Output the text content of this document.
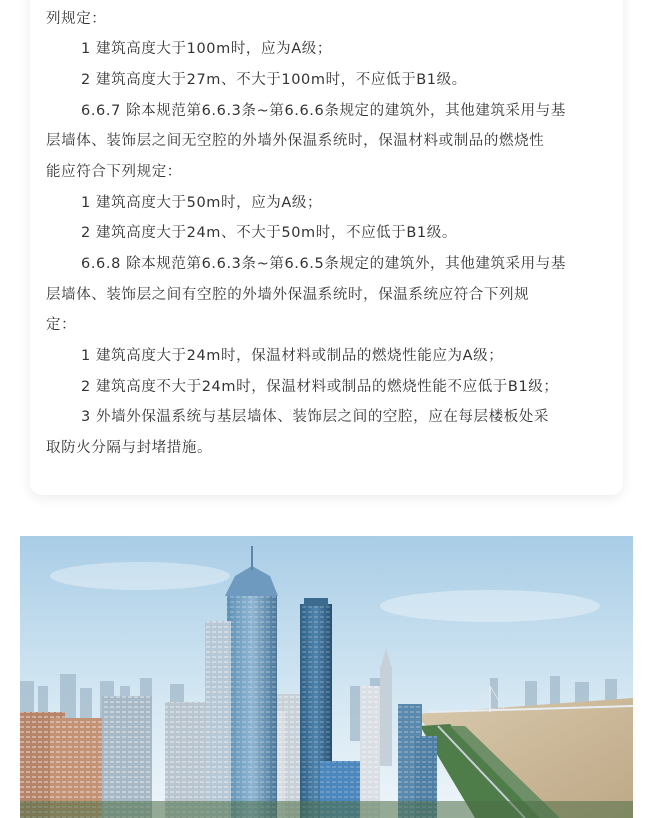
列规定：
1 建筑高度大于100m时，应为A级；
2 建筑高度大于27m、不大于100m时，不应低于B1级。
6.6.7 除本规范第6.6.3条~第6.6.6条规定的建筑外，其他建筑采用与基
层墙体、装饰层之间无空腔的外墙外保温系统时，保温材料或制品的燃烧性
能应符合下列规定：
1 建筑高度大于50m时，应为A级；
2 建筑高度大于24m、不大于50m时，不应低于B1级。
6.6.8 除本规范第6.6.3条~第6.6.5条规定的建筑外，其他建筑采用与基
层墙体、装饰层之间有空腔的外墙外保温系统时，保温系统应符合下列规
定：
1 建筑高度大于24m时，保温材料或制品的燃烧性能应为A级；
2 建筑高度不大于24m时，保温材料或制品的燃烧性能不应低于B1级；
3 外墙外保温系统与基层墙体、装饰层之间的空腔，应在每层楼板处采
取防火分隔与封堵措施。
